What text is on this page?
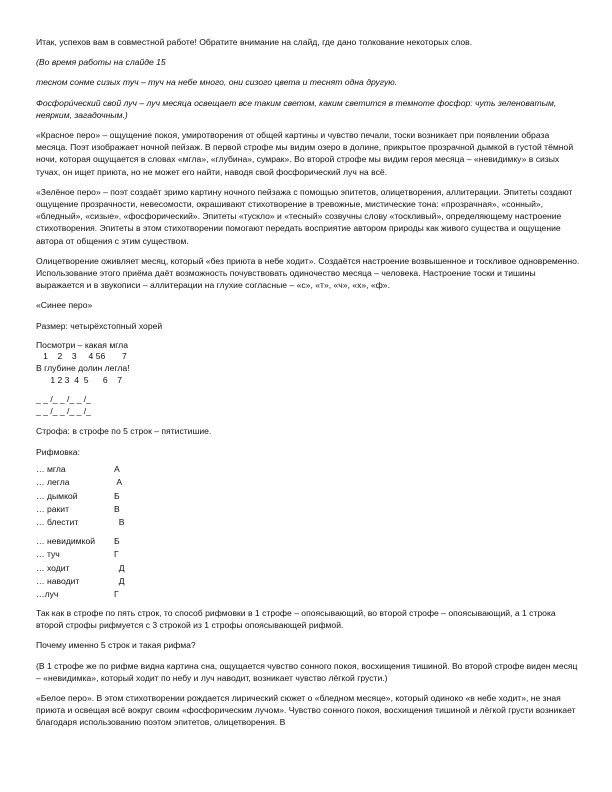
Итак, успехов вам в совместной работе! Обратите внимание на слайд, где дано толкование некоторых слов.

(Во время работы на слайде 15

тесном сонме сизых туч – туч на небе много, они сизого цвета и теснят одна другую.

Фосфори́ческий свой луч – луч месяца освещает все таким светом, каким светится в темноте фосфор: чуть зеленоватым, неярким, загадочным.)

«Красное перо» – ощущение покоя, умиротворения от общей картины и чувство печали, тоски возникает при появлении образа месяца. Поэт изображает ночной пейзаж. В первой строфе мы видим озеро в долине, прикрытое прозрачной дымкой в густой тёмной ночи, которая ощущается в словах «мгла», «глубина», сумрак». Во второй строфе мы видим героя месяца – «невидимку» в сизых тучах, он ищет приюта, но не может его найти, наводя свой фосфорический луч на всё.

«Зелёное перо» – поэт создаёт зримо картину ночного пейзажа с помощью эпитетов, олицетворения, аллитерации. Эпитеты создают ощущение прозрачности, невесомости, окрашивают стихотворение в тревожные, мистические тона: «прозрачная», «сонный», «бледный», «сизые», «фосфорический». Эпитеты «тускло» и «тесный» созвучны слову «тоскливый», определяющему настроение стихотворения. Эпитеты в этом стихотворении помогают передать восприятие автором природы как живого существа и ощущение автора от общения с этим существом.

Олицетворение оживляет месяц, который «без приюта в небе ходит». Создаётся настроение возвышенное и тоскливое одновременно. Использование этого приёма даёт возможность почувствовать одиночество месяца – человека. Настроение тоски и тишины выражается и в звукописи – аллитерации на глухие согласные – «с», «т», «ч», «х», «ф».

«Синее перо»

Размер: четырёхстопный хорей

Посмотри – какая мгла

1    2    3     4 56       7

В глубине долин легла!

1 2 3  4  5      6    7

_ _ /_ _ /_ _ /_

_ _ /_ _ /_ _ /_

Строфа: в строфе по 5 строк – пятистишие.

Рифмовка:

… мгла	А
… легла	А
… дымкой	Б
… ракит	В
… блестит	В
… невидимкой	Б
… туч	Г
… ходит	Д
… наводит	Д
…луч	Г

Так как в строфе по пять строк, то способ рифмовки в 1 строфе – опоясывающий, во второй строфе – опоясывающий, а 1 строка второй строфы рифмуется с 3 строкой из 1 строфы опоясывающей рифмой.

Почему именно 5 строк и такая рифма?

(В 1 строфе же по рифме видна картина сна, ощущается чувство сонного покоя, восхищения тишиной. Во второй строфе виден месяц – «невидимка», который ходит по небу и луч наводит, возникает чувство лёгкой грусти.)

«Белое перо». В этом стихотворении рождается лирический сюжет о «бледном месяце», который одиноко «в небе ходит», не зная приюта и освещая всё вокруг своим «фосфорическим лучом». Чувство сонного покоя, восхищения тишиной и лёгкой грусти возникает благодаря использованию поэтом эпитетов, олицетворения. В
